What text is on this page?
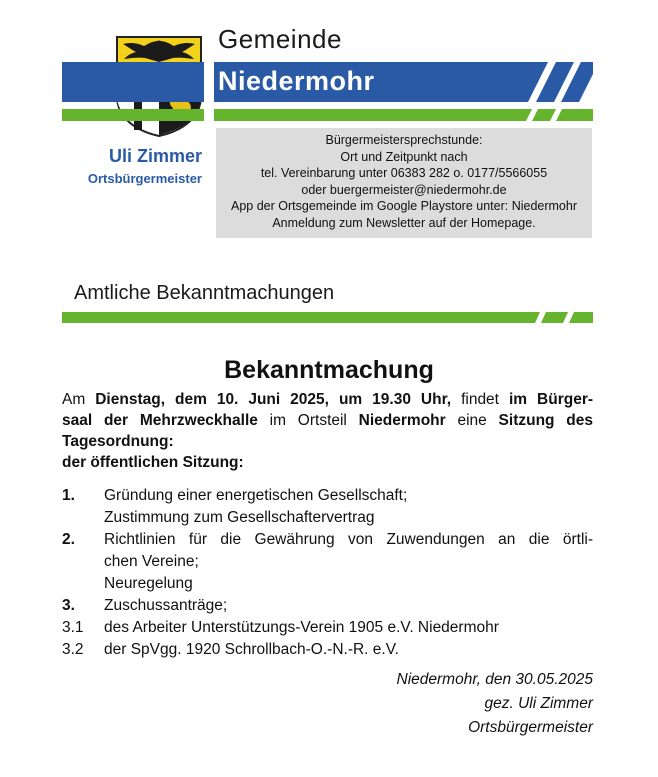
Gemeinde
Niedermohr
Uli Zimmer
Ortsbürgermeister
Bürgermeistersprechstunde:
Ort und Zeitpunkt nach
tel. Vereinbarung unter 06383 282 o. 0177/5566055
oder buergermeister@niedermohr.de
App der Ortsgemeinde im Google Playstore unter: Niedermohr
Anmeldung zum Newsletter auf der Homepage.
Amtliche Bekanntmachungen
Bekanntmachung
Am Dienstag, dem 10. Juni 2025, um 19.30 Uhr, findet im Bürger-
saal der Mehrzweckhalle im Ortsteil Niedermohr eine Sitzung des
Tagesordnung:
der öffentlichen Sitzung:
1. Gründung einer energetischen Gesellschaft;
Zustimmung zum Gesellschaftervertrag
2. Richtlinien für die Gewährung von Zuwendungen an die örtli-
chen Vereine;
Neuregelung
3. Zuschussanträge;
3.1 des Arbeiter Unterstützungs-Verein 1905 e.V. Niedermohr
3.2 der SpVgg. 1920 Schrollbach-O.-N.-R. e.V.
Niedermohr, den 30.05.2025
gez. Uli Zimmer
Ortsbürgermeister
